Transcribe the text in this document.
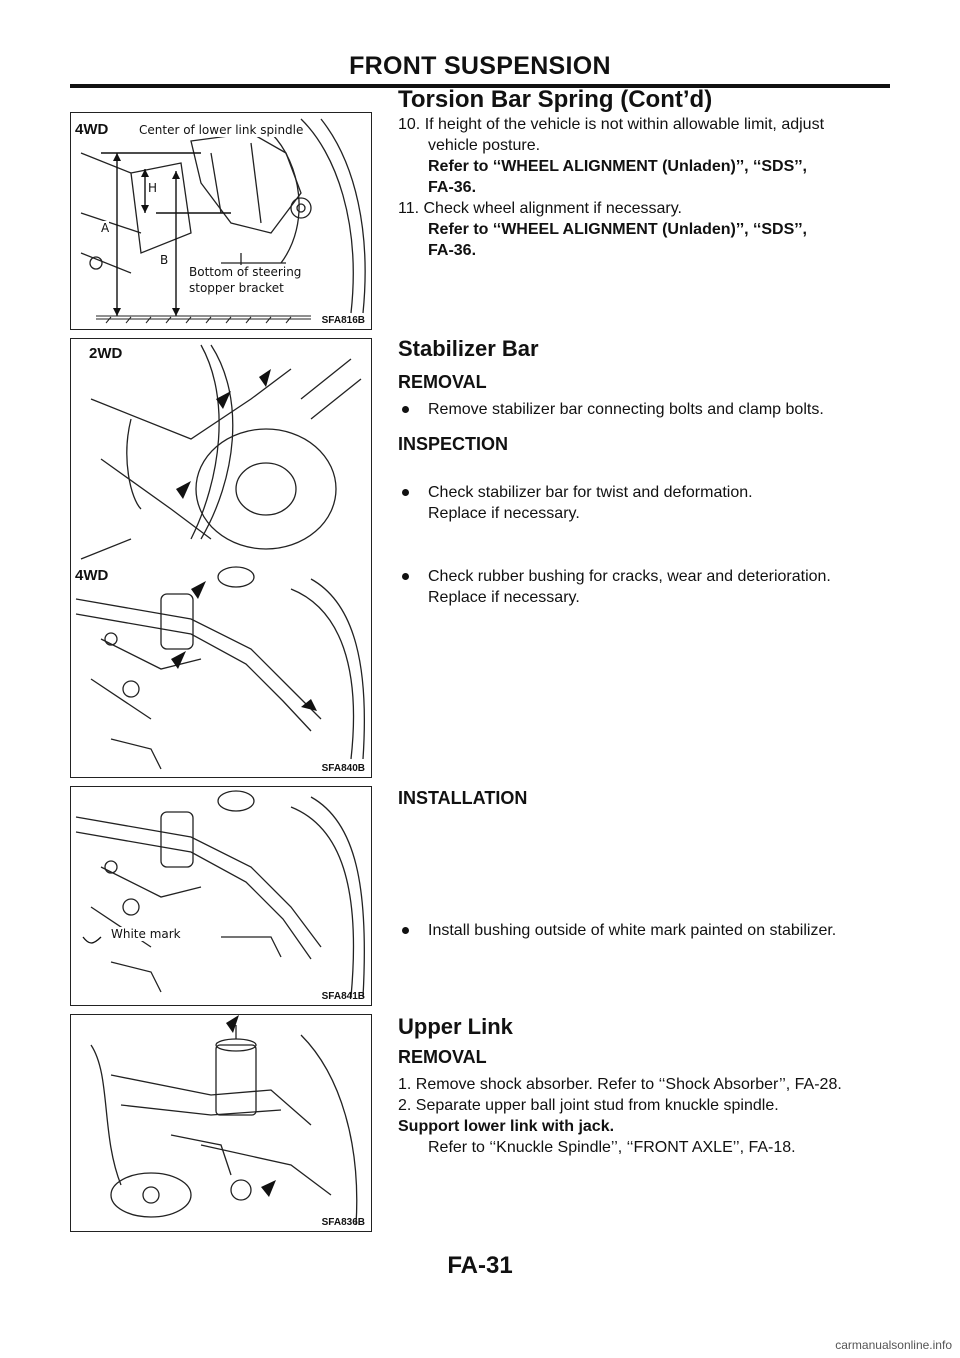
FRONT SUSPENSION
Torsion Bar Spring (Cont’d)
4WD	Center of lower link spindle
H
A
B
Bottom of steering
stopper bracket
SFA816B
2WD
4WD
SFA840B
White mark
SFA841B
SFA836B
10. If height of the vehicle is not within allowable limit, adjust
vehicle posture.
Refer to ‘‘WHEEL ALIGNMENT (Unladen)’’, ‘‘SDS’’,
FA-36.
11. Check wheel alignment if necessary.
Refer to ‘‘WHEEL ALIGNMENT (Unladen)’’, ‘‘SDS’’,
FA-36.
Stabilizer Bar
REMOVAL
Remove stabilizer bar connecting bolts and clamp bolts.
INSPECTION
Check stabilizer bar for twist and deformation.
Replace if necessary.
Check rubber bushing for cracks, wear and deterioration.
Replace if necessary.
INSTALLATION
Install bushing outside of white mark painted on stabilizer.
Upper Link
REMOVAL
1. Remove shock absorber. Refer to ‘‘Shock Absorber’’, FA-28.
2. Separate upper ball joint stud from knuckle spindle.
Support lower link with jack.
Refer to ‘‘Knuckle Spindle’’, ‘‘FRONT AXLE’’, FA-18.
FA-31
carmanualsonline.info
